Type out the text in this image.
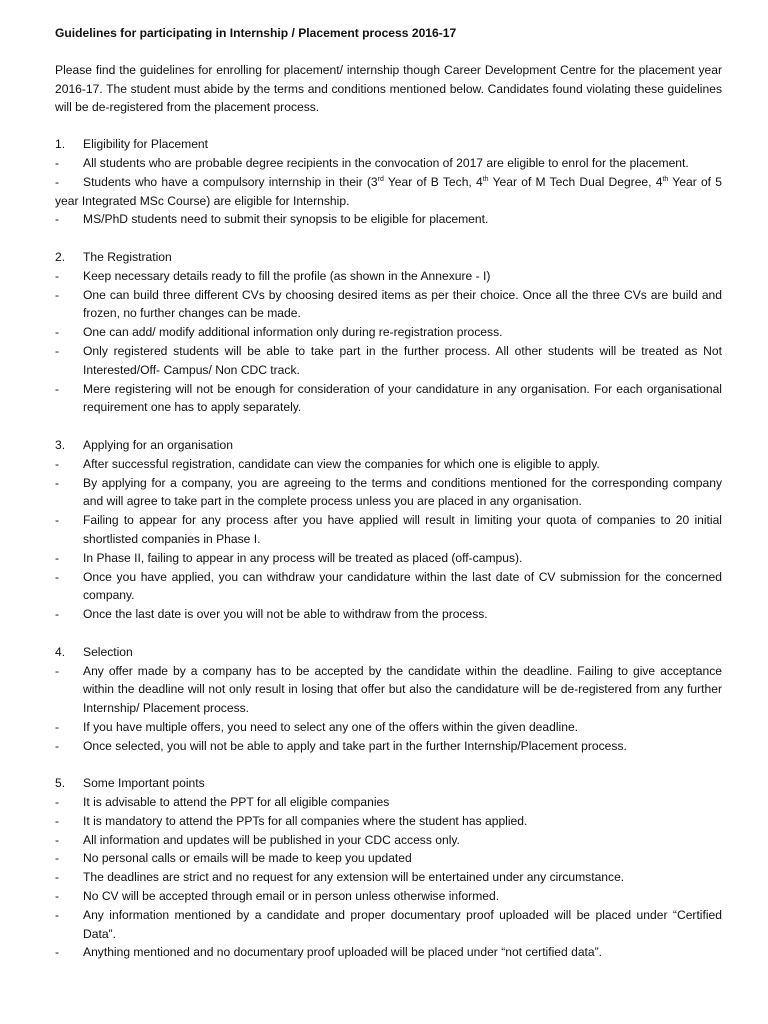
Guidelines for participating in Internship / Placement process 2016-17
Please find the guidelines for enrolling for placement/ internship though Career Development Centre for the placement year 2016-17. The student must abide by the terms and conditions mentioned below. Candidates found violating these guidelines will be de-registered from the placement process.
1.	Eligibility for Placement
-	All students who are probable degree recipients in the convocation of 2017 are eligible to enrol for the placement.
- Students who have a compulsory internship in their (3rd Year of B Tech, 4th Year of M Tech Dual Degree, 4th Year of 5 year Integrated MSc Course) are eligible for Internship.
-	MS/PhD students need to submit their synopsis to be eligible for placement.
2.	The Registration
-	Keep necessary details ready to fill the profile (as shown in the Annexure - I)
-	One can build three different CVs by choosing desired items as per their choice. Once all the three CVs are build and frozen, no further changes can be made.
-	One can add/ modify additional information only during re-registration process.
-	Only registered students will be able to take part in the further process. All other students will be treated as Not Interested/Off- Campus/ Non CDC track.
-	Mere registering will not be enough for consideration of your candidature in any organisation. For each organisational requirement one has to apply separately.
3.	Applying for an organisation
-	After successful registration, candidate can view the companies for which one is eligible to apply.
-	By applying for a company, you are agreeing to the terms and conditions mentioned for the corresponding company and will agree to take part in the complete process unless you are placed in any organisation.
-	Failing to appear for any process after you have applied will result in limiting your quota of companies to 20 initial shortlisted companies in Phase I.
-	In Phase II, failing to appear in any process will be treated as placed (off-campus).
-	Once you have applied, you can withdraw your candidature within the last date of CV submission for the concerned company.
-	Once the last date is over you will not be able to withdraw from the process.
4.	Selection
-	Any offer made by a company has to be accepted by the candidate within the deadline. Failing to give acceptance within the deadline will not only result in losing that offer but also the candidature will be de-registered from any further Internship/ Placement process.
-	If you have multiple offers, you need to select any one of the offers within the given deadline.
-	Once selected, you will not be able to apply and take part in the further Internship/Placement process.
5.	Some Important points
-	It is advisable to attend the PPT for all eligible companies
-	It is mandatory to attend the PPTs for all companies where the student has applied.
-	All information and updates will be published in your CDC access only.
-	No personal calls or emails will be made to keep you updated
-	The deadlines are strict and no request for any extension will be entertained under any circumstance.
-	No CV will be accepted through email or in person unless otherwise informed.
-	Any information mentioned by a candidate and proper documentary proof uploaded will be placed under “Certified Data”.
-	Anything mentioned and no documentary proof uploaded will be placed under “not certified data”.
